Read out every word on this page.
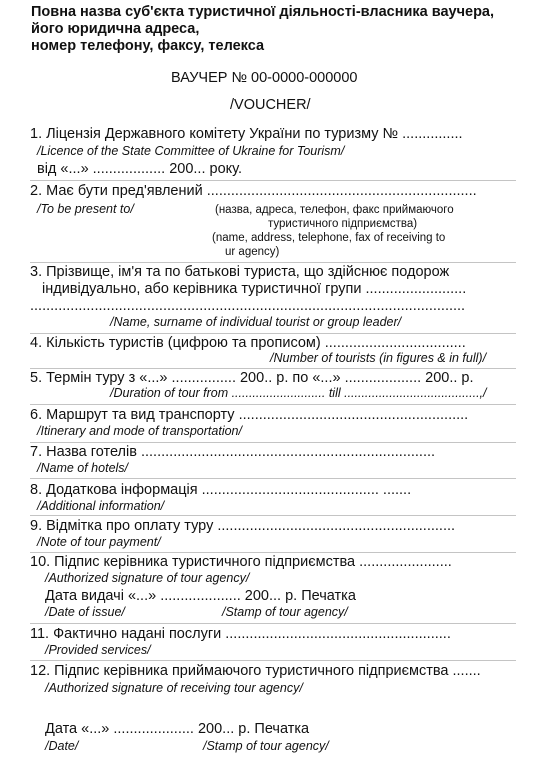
Повна назва суб'єкта туристичної діяльності-власника ваучера,
його юридична адреса,
номер телефону, факсу, телекса
ВАУЧЕР № 00-0000-000000
/VOUCHER/
1. Ліцензія Державного комітету України по туризму № ...............
/Licence of the State Committee of Ukraine for Tourism/
від «...» .................. 200... року.
2. Має бути пред'явлений ...................................................................
/To be present to/	(назва, адреса, телефон, факс приймаючого
туристичного підприємства)
(name, address, telephone, fax of receiving to
ur agency)
3. Прізвище, ім'я та по батькові туриста, що здійснює подорож
індивідуально, або керівника туристичної групи .........................
............................................................................................................
/Name, surname of individual tourist or group leader/
4. Кількість туристів (цифрою та прописом) ...................................
/Number of tourists (in figures & in full)/
5. Термін туру з «...» ................ 200.. р. по «...» ................... 200.. р.
/Duration of tour from ........................... till .......................................,/
6. Маршрут та вид транспорту .........................................................
/Itinerary and mode of transportation/
7. Назва готелів .........................................................................
/Name of hotels/
8. Додаткова інформація ............................................ .......
/Additional information/
9. Відмітка про оплату туру ...........................................................
/Note of tour payment/
10. Підпис керівника туристичного підприємства .......................
/Authorized signature of tour agency/
Дата видачі «...» .................... 200... р. Печатка
/Date of issue/	/Stamp of tour agency/
11. Фактично надані послуги ........................................................
/Provided services/
12. Підпис керівника приймаючого туристичного підприємства .......
/Authorized signature of receiving tour agency/
Дата «...» .................... 200... р. Печатка
/Date/	/Stamp of tour agency/
